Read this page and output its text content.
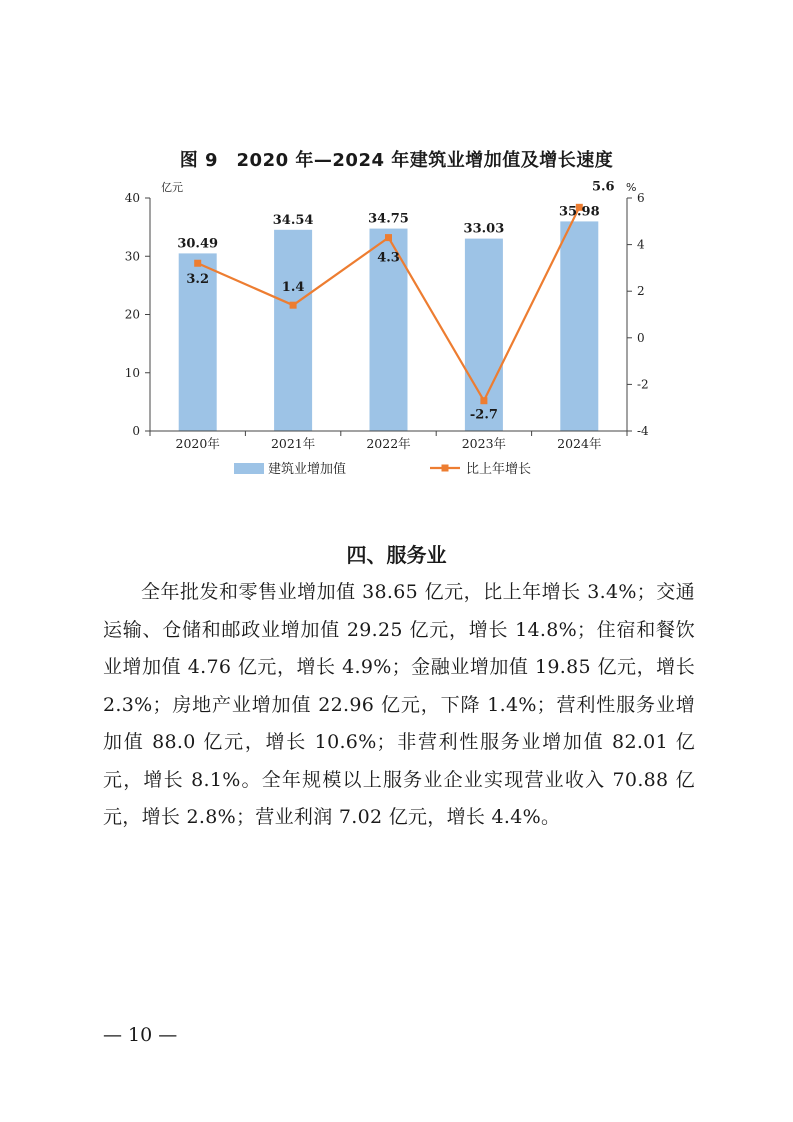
图 9　2020 年—2024 年建筑业增加值及增长速度
0
10
20
30
40
-4
-2
0
2
4
6
2020年	2021年	2022年	2023年	2024年
亿元	%
30.49
34.54	34.75
33.03
35.98
3.2
1.4
4.3
-2.7
5.6
建筑业增加值	比上年增长
四、服务业

全年批发和零售业增加值 38.65 亿元，比上年增长 3.4%；交通运输、仓储和邮政业增加值 29.25 亿元，增长 14.8%；住宿和餐饮业增加值 4.76 亿元，增长 4.9%；金融业增加值 19.85 亿元，增长 2.3%；房地产业增加值 22.96 亿元，下降 1.4%；营利性服务业增加值 88.0 亿元，增长 10.6%；非营利性服务业增加值 82.01 亿元，增长 8.1%。全年规模以上服务业企业实现营业收入 70.88 亿元，增长 2.8%；营业利润 7.02 亿元，增长 4.4%。

— 10 —
